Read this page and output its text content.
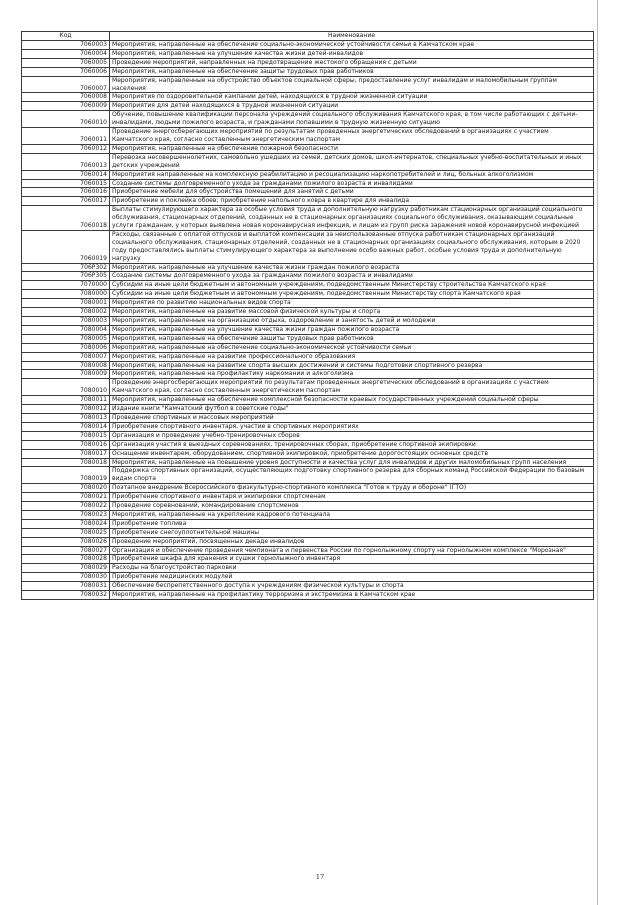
Код	Наименование
7060003	Мероприятия, направленные на обеспечение социально-экономической устойчивости семьи в Камчатском крае
7060004	Мероприятия, направленные на улучшение качества жизни детей-инвалидов
7060005	Проведение мероприятий, направленных на предотвращение жестокого обращения с детьми
7060006	Мероприятия, направленные на обеспечение защиты трудовых прав работников
7060007	Мероприятия, направленные на обустройство объектов социальной сферы, предоставление услуг инвалидам и маломобильным группам населения
7060008	Мероприятия по оздоровительной кампании детей, находящихся в трудной жизненной ситуации
7060009	Мероприятия для детей находящихся в трудной жизненной ситуации
7060010	Обучение, повышение квалификации персонала учреждений социального обслуживания Камчатского края, в том числе работающих с детьми-инвалидами, людьми пожилого возраста, и гражданами попавшими в трудную жизненную ситуацию
7060011	Проведение энергосберегающих мероприятий по результатам проведенных энергетических обследований в организациях с участием Камчатского края, согласно составленным энергетическим паспортам
7060012	Мероприятия, направленные на обеспечение пожарной безопасности
7060013	Перевозка несовершеннолетних, самовольно ушедших из семей, детских домов, школ-интернатов, специальных учебно-воспитательных и иных детских учреждений
7060014	Мероприятия направленные на комплексную реабилитацию и ресоциализацию наркопотребителей и лиц, больных алкоголизмом
7060015	Создание системы долговременного ухода за гражданами пожилого возраста и инвалидами
7060016	Приобретение мебели для обустройства помещений для занятий с детьми
7060017	Приобретение и поклейка обоев; приобретение напольного ковра в квартире для инвалида
7060018	Выплаты стимулирующего характера за особые условия труда и дополнительную нагрузку работникам стационарных организаций социального обслуживания, стационарных отделений, созданных не в стационарных организациях социального обслуживания, оказывающим социальные услуги гражданам, у которых выявлена новая коронавирусная инфекция, и лицам из групп риска заражения новой коронавирусной инфекцией
7060019	Расходы, связанные с оплатой отпусков и выплатой компенсации за неиспользованные отпуска работникам стационарных организаций социального обслуживания, стационарных отделений, созданных не в стационарных организациях социального обслуживания, которым в 2020 году предоставлялись выплаты стимулирующего характера за выполнение особо важных работ, особые условия труда и дополнительную нагрузку
706Р302	Мероприятия, направленные на улучшение качества жизни граждан пожилого возраста
706Р305	Создание системы долговременного ухода за гражданами пожилого возраста и инвалидами
7070000	Субсидии на иные цели бюджетным и автономным учреждениям, подведомственным Министерству строительства Камчатского края
7080000	Субсидии на иные цели бюджетным и автономным учреждениям, подведомственным Министерству спорта Камчатского края
7080001	Мероприятия по развитию национальных видов спорта
7080002	Мероприятия, направленные на развитие массовой физической культуры и спорта
7080003	Мероприятия, направленные на организацию отдыха, оздоровление и занятость детей и молодежи
7080004	Мероприятия, направленные на улучшение качества жизни граждан пожилого возраста
7080005	Мероприятия, направленные на обеспечение защиты трудовых прав работников
7080006	Мероприятия, направленные на обеспечение социально-экономической устойчивости семьи
7080007	Мероприятия, направленные на развитие профессионального образования
7080008	Мероприятия, направленные на развитие спорта высших достижений и системы подготовки спортивного резерва
7080009	Мероприятия, направленные на профилактику наркомании и алкоголизма
7080010	Проведение энергосберегающих мероприятий по результатам проведенных энергетических обследований в организациях с участием Камчатского края, согласно составленным энергетическим паспортам
7080011	Мероприятия, направленные на обеспечение комплексной безопасности краевых государственных учреждений социальной сферы
7080012	Издание книги "Камчатский футбол в советские годы"
7080013	Проведение спортивных и массовых мероприятий
7080014	Приобретение спортивного инвентаря, участие в спортивных мероприятиях
7080015	Организация и проведение учебно-тренировочных сборов
7080016	Организация участия в выездных соревнованиях, тренировочных сборах, приобретение спортивной экипировки
7080017	Оснащение инвентарем, оборудованием, спортивной экипировкой, приобретение дорогостоящих основных средств
7080018	Мероприятия, направленные на повышение уровня доступности и качества услуг для инвалидов и других маломобильных групп населения
7080019	Поддержка спортивных организаций, осуществляющих подготовку спортивного резерва для сборных команд Российской Федерации по базовым видам спорта
7080020	Поэтапное внедрение Всероссийского физкультурно-спортивного комплекса "Готов к труду и обороне" (ГТО)
7080021	Приобретение спортивного инвентаря и экипировки спортсменам
7080022	Проведение соревнований, командирование спортсменов
7080023	Мероприятия, направленные на укрепление кадрового потенциала
7080024	Приобретение топлива
7080025	Приобретение снегоуплотнительной машины
7080026	Проведение мероприятий, посвященных декаде инвалидов
7080027	Организация и обеспечение проведения чемпионата и первенства России по горнолыжному спорту на горнолыжном комплексе "Морозная"
7080028	Приобретение шкафа для хранения и сушки горнолыжного инвентаря
7080029	Расходы на благоустройство парковки
7080030	Приобретение медицинских модулей
7080031	Обеспечение беспрепятственного доступа к учреждениям физической культуры и спорта
7080032	Мероприятия, направленные на профилактику терроризма и экстремизма в Камчатском крае
17
